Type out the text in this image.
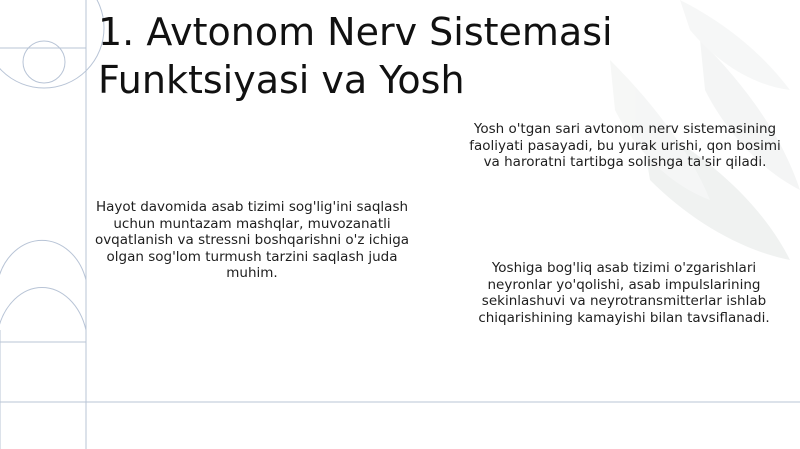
1. Avtonom Nerv Sistemasi
Funktsiyasi va Yosh

Yosh o'tgan sari avtonom nerv sistemasining faoliyati pasayadi, bu yurak urishi, qon bosimi va haroratni tartibga solishga ta'sir qiladi.

Hayot davomida asab tizimi sog'lig'ini saqlash uchun muntazam mashqlar, muvozanatli ovqatlanish va stressni boshqarishni o'z ichiga olgan sog'lom turmush tarzini saqlash juda muhim.	Yoshiga bog'liq asab tizimi o'zgarishlari neyronlar yo'qolishi, asab impulslarining sekinlashuvi va neyrotransmitterlar ishlab chiqarishining kamayishi bilan tavsiflanadi.
